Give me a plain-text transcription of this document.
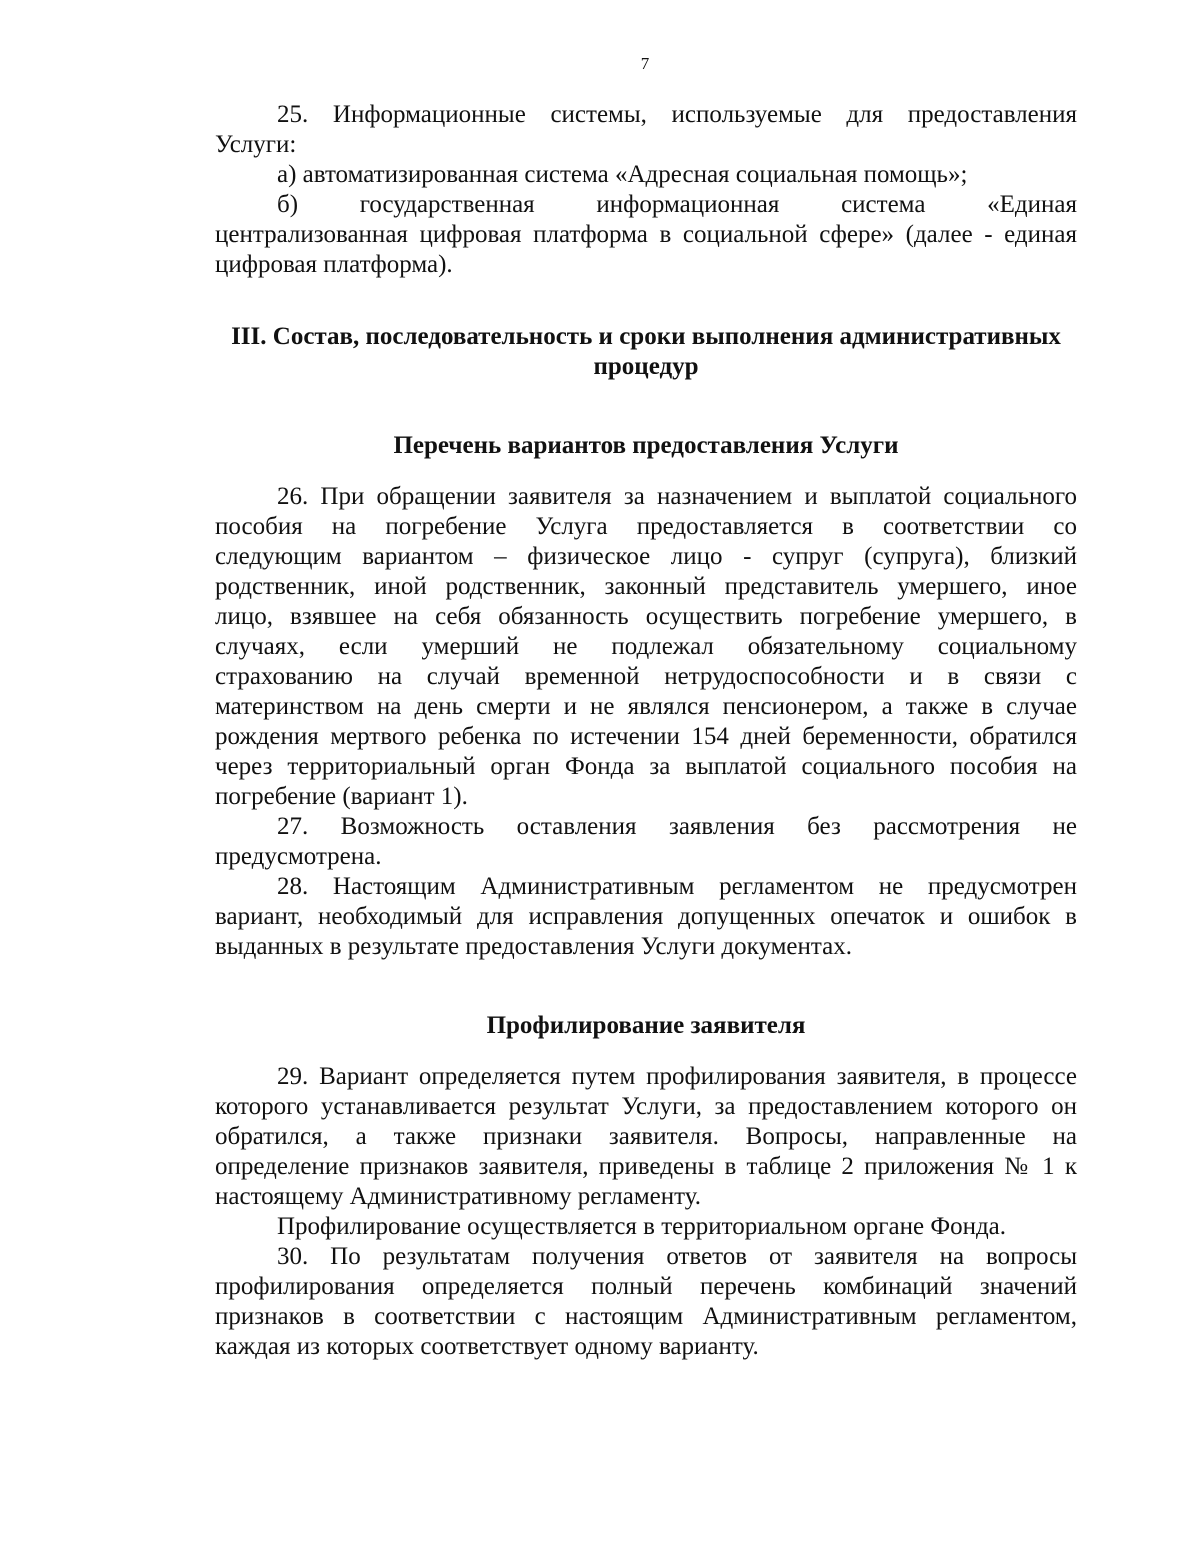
7
25. Информационные системы, используемые для предоставления
Услуги:
а) автоматизированная система «Адресная социальная помощь»;
б) государственная информационная система «Единая
централизованная цифровая платформа в социальной сфере» (далее - единая
цифровая платформа).
III. Состав, последовательность и сроки выполнения административных
процедур
Перечень вариантов предоставления Услуги
26. При обращении заявителя за назначением и выплатой социального
пособия на погребение Услуга предоставляется в соответствии со
следующим вариантом – физическое лицо - супруг (супруга), близкий
родственник, иной родственник, законный представитель умершего, иное
лицо, взявшее на себя обязанность осуществить погребение умершего, в
случаях, если умерший не подлежал обязательному социальному
страхованию на случай временной нетрудоспособности и в связи с
материнством на день смерти и не являлся пенсионером, а также в случае
рождения мертвого ребенка по истечении 154 дней беременности, обратился
через территориальный орган Фонда за выплатой социального пособия на
погребение (вариант 1).
27. Возможность оставления заявления без рассмотрения не
предусмотрена.
28. Настоящим Административным регламентом не предусмотрен
вариант, необходимый для исправления допущенных опечаток и ошибок в
выданных в результате предоставления Услуги документах.
Профилирование заявителя
29. Вариант определяется путем профилирования заявителя, в процессе
которого устанавливается результат Услуги, за предоставлением которого он
обратился, а также признаки заявителя. Вопросы, направленные на
определение признаков заявителя, приведены в таблице 2 приложения № 1 к
настоящему Административному регламенту.
Профилирование осуществляется в территориальном органе Фонда.
30. По результатам получения ответов от заявителя на вопросы
профилирования определяется полный перечень комбинаций значений
признаков в соответствии с настоящим Административным регламентом,
каждая из которых соответствует одному варианту.
